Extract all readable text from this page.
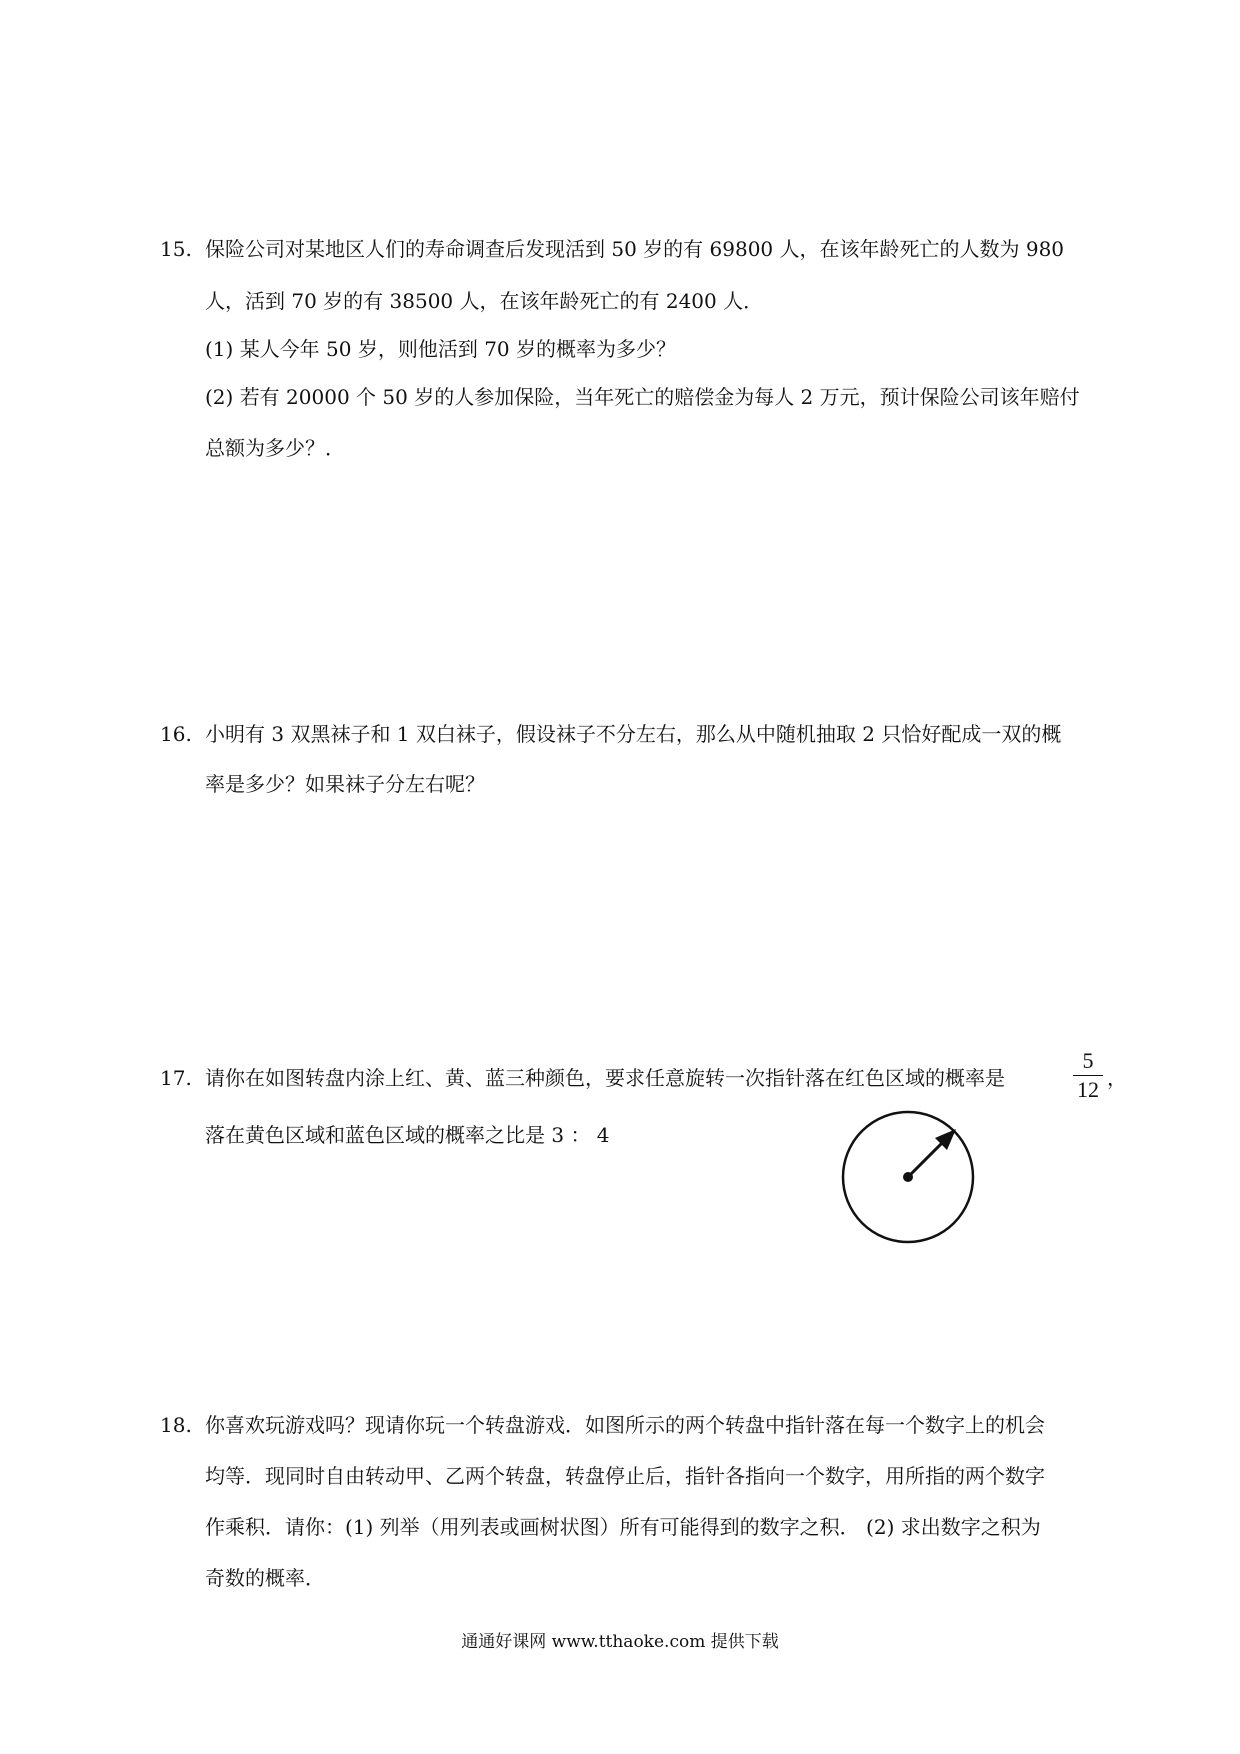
15. 保险公司对某地区人们的寿命调查后发现活到 50 岁的有 69800 人，在该年龄死亡的人数为 980
人，活到 70 岁的有 38500 人，在该年龄死亡的有 2400 人．
(1) 某人今年 50 岁，则他活到 70 岁的概率为多少？
(2) 若有 20000 个 50 岁的人参加保险，当年死亡的赔偿金为每人 2 万元，预计保险公司该年赔付
总额为多少？．
16. 小明有 3 双黑袜子和 1 双白袜子，假设袜子不分左右，那么从中随机抽取 2 只恰好配成一双的概
率是多少？如果袜子分左右呢？
17. 请你在如图转盘内涂上红、黄、蓝三种颜色，要求任意旋转一次指针落在红色区域的概率是
5
12 ，
落在黄色区域和蓝色区域的概率之比是 3 ： 4
18. 你喜欢玩游戏吗？现请你玩一个转盘游戏．如图所示的两个转盘中指针落在每一个数字上的机会
均等．现同时自由转动甲、乙两个转盘，转盘停止后，指针各指向一个数字，用所指的两个数字
作乘积．请你：(1) 列举（用列表或画树状图）所有可能得到的数字之积． (2) 求出数字之积为
奇数的概率．
通通好课网 www.tthaoke.com 提供下载
